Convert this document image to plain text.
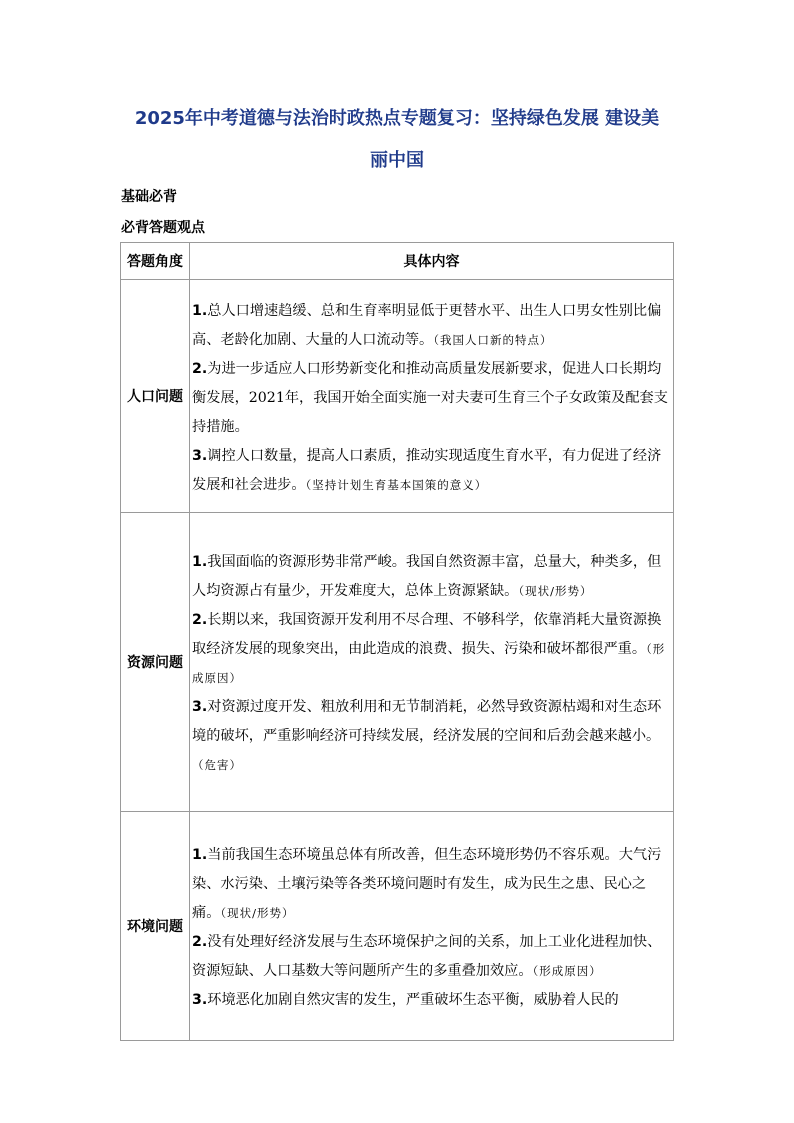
2025年中考道德与法治时政热点专题复习：坚持绿色发展 建设美
丽中国
基础必背
必背答题观点
答题角度	具体内容
人口问题	1.总人口增速趋缓、总和生育率明显低于更替水平、出生人口男女性别比偏高、老龄化加剧、大量的人口流动等。（我国人口新的特点）

2.为进一步适应人口形势新变化和推动高质量发展新要求，促进人口长期均衡发展，2021年，我国开始全面实施一对夫妻可生育三个子女政策及配套支持措施。

3.调控人口数量，提高人口素质，推动实现适度生育水平，有力促进了经济发展和社会进步。（坚持计划生育基本国策的意义）

资源问题	1.我国面临的资源形势非常严峻。我国自然资源丰富，总量大，种类多，但人均资源占有量少，开发难度大，总体上资源紧缺。（现状/形势）

2.长期以来，我国资源开发利用不尽合理、不够科学，依靠消耗大量资源换取经济发展的现象突出，由此造成的浪费、损失、污染和破坏都很严重。（形成原因）

3.对资源过度开发、粗放利用和无节制消耗，必然导致资源枯竭和对生态环境的破坏，严重影响经济可持续发展，经济发展的空间和后劲会越来越小。（危害）

环境问题	1.当前我国生态环境虽总体有所改善，但生态环境形势仍不容乐观。大气污染、水污染、土壤污染等各类环境问题时有发生，成为民生之患、民心之痛。（现状/形势）

2.没有处理好经济发展与生态环境保护之间的关系，加上工业化进程加快、资源短缺、人口基数大等问题所产生的多重叠加效应。（形成原因）

3.环境恶化加剧自然灾害的发生，严重破坏生态平衡，威胁着人民的
